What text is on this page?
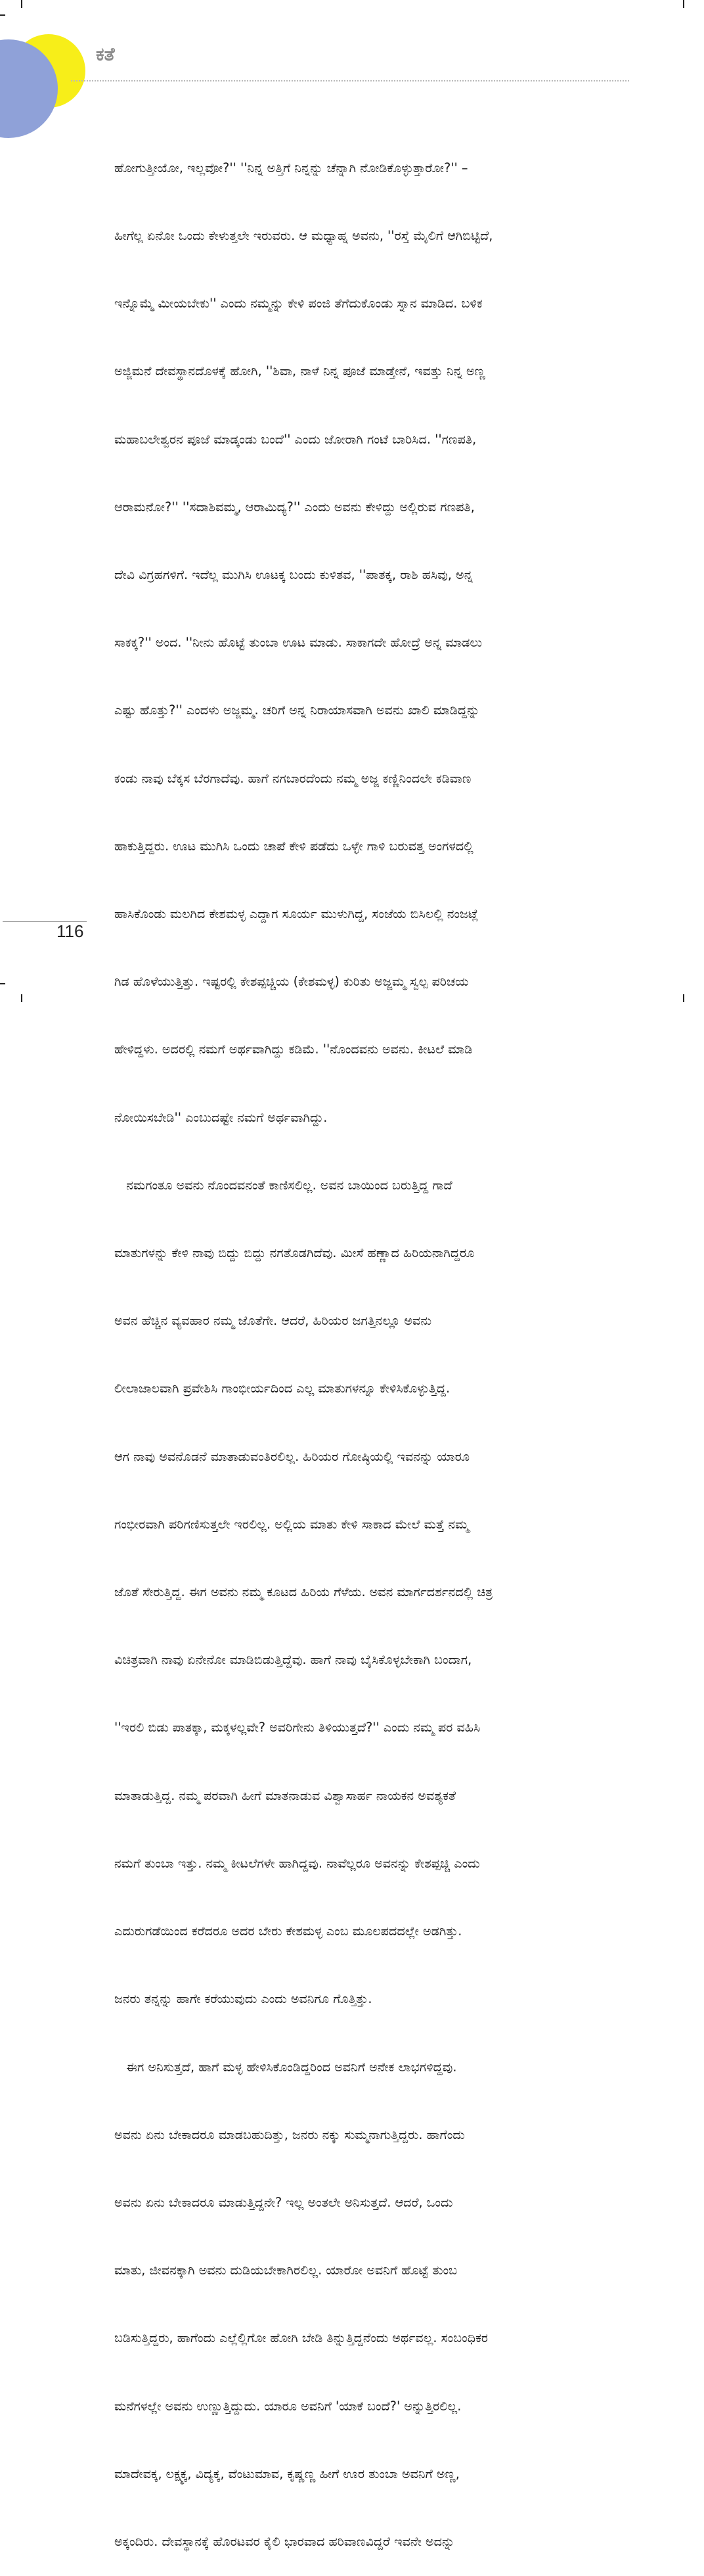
ಕತೆ

ಹೋಗುತ್ತೀಯೋ, ಇಲ್ಲವೋ?'' ''ನಿನ್ನ ಅತ್ತಿಗೆ ನಿನ್ನನ್ನು ಚೆನ್ನಾಗಿ ನೋಡಿಕೊಳ್ಳುತ್ತಾರೋ?'' –

ಹೀಗೆಲ್ಲ ಏನೋ ಒಂದು ಕೇಳುತ್ತಲೇ ಇರುವರು. ಆ ಮಧ್ಯಾಹ್ನ ಅವನು, ''ರಸ್ತೆ ಮೈಲಿಗೆ ಆಗಿಬಿಟ್ಟಿದೆ,

ಇನ್ನೊಮ್ಮೆ ಮೀಯಬೇಕು'' ಎಂದು ನಮ್ಮನ್ನು ಕೇಳಿ ಪಂಜಿ ತೆಗೆದುಕೊಂಡು ಸ್ನಾನ ಮಾಡಿದ. ಬಳಿಕ

ಅಜ್ಜಿಮನೆ ದೇವಸ್ಥಾನದೊಳಕ್ಕೆ ಹೋಗಿ, ''ಶಿವಾ, ನಾಳೆ ನಿನ್ನ ಪೂಜೆ ಮಾಡ್ತೇನೆ, ಇವತ್ತು ನಿನ್ನ ಅಣ್ಣ

ಮಹಾಬಲೇಶ್ವರನ ಪೂಜೆ ಮಾಡ್ಕಂಡು ಬಂದೆ'' ಎಂದು ಜೋರಾಗಿ ಗಂಟೆ ಬಾರಿಸಿದ. ''ಗಣಪತಿ,

ಆರಾಮನೋ?'' ''ಸದಾಶಿವಮ್ಮ, ಆರಾಮಿದ್ಯ?'' ಎಂದು ಅವನು ಕೇಳಿದ್ದು ಅಲ್ಲಿರುವ ಗಣಪತಿ,

ದೇವಿ ವಿಗ್ರಹಗಳಿಗೆ. ಇದೆಲ್ಲ ಮುಗಿಸಿ ಊಟಕ್ಕ ಬಂದು ಕುಳಿತವ, ''ಪಾತಕ್ಕ, ರಾಶಿ ಹಸಿವು, ಅನ್ನ

ಸಾಕಕ್ಕ?'' ಅಂದ. ''ನೀನು ಹೊಟ್ಟೆ ತುಂಬಾ ಊಟ ಮಾಡು. ಸಾಕಾಗದೇ ಹೋದ್ರೆ ಅನ್ನ ಮಾಡಲು

ಎಷ್ಟು ಹೊತ್ತು?'' ಎಂದಳು ಅಜ್ಜಮ್ಮ. ಚರಿಗೆ ಅನ್ನ ನಿರಾಯಾಸವಾಗಿ ಅವನು ಖಾಲಿ ಮಾಡಿದ್ದನ್ನು

ಕಂಡು ನಾವು ಬೆಕ್ಕಸ ಬೆರಗಾದೆವು. ಹಾಗೆ ನಗಬಾರದೆಂದು ನಮ್ಮ ಅಜ್ಜ ಕಣ್ಣಿನಿಂದಲೇ ಕಡಿವಾಣ

ಹಾಕುತ್ತಿದ್ದರು. ಊಟ ಮುಗಿಸಿ ಒಂದು ಚಾಪೆ ಕೇಳಿ ಪಡೆದು ಒಳ್ಳೇ ಗಾಳಿ ಬರುವತ್ತ ಅಂಗಳದಲ್ಲಿ

ಹಾಸಿಕೊಂಡು ಮಲಗಿದ ಕೇಶಮಳ್ಳ ಎದ್ದಾಗ ಸೂರ್ಯ ಮುಳುಗಿದ್ದ, ಸಂಜೆಯ ಬಿಸಿಲಲ್ಲಿ ನಂಜಟ್ಲೆ

ಗಿಡ ಹೊಳೆಯುತ್ತಿತ್ತು. ಇಷ್ಟರಲ್ಲಿ ಕೇಶಪ್ಪಚ್ಚಿಯ (ಕೇಶಮಳ್ಳ) ಕುರಿತು ಅಜ್ಜಮ್ಮ ಸ್ವಲ್ಪ ಪರಿಚಯ

ಹೇಳಿದ್ದಳು. ಅದರಲ್ಲಿ ನಮಗೆ ಅರ್ಥವಾಗಿದ್ದು ಕಡಿಮೆ. ''ನೊಂದವನು ಅವನು. ಕೀಟಲೆ ಮಾಡಿ

ನೋಯಿಸಬೇಡಿ'' ಎಂಬುದಷ್ಟೇ ನಮಗೆ ಅರ್ಥವಾಗಿದ್ದು.

ನಮಗಂತೂ ಅವನು ನೊಂದವನಂತೆ ಕಾಣಿಸಲಿಲ್ಲ. ಅವನ ಬಾಯಿಂದ ಬರುತ್ತಿದ್ದ ಗಾದೆ

ಮಾತುಗಳನ್ನು ಕೇಳಿ ನಾವು ಬಿದ್ದು ಬಿದ್ದು ನಗತೊಡಗಿದೆವು. ಮೀಸೆ ಹಣ್ಣಾದ ಹಿರಿಯನಾಗಿದ್ದರೂ

ಅವನ ಹೆಚ್ಚಿನ ವ್ಯವಹಾರ ನಮ್ಮ ಜೊತೆಗೇ. ಆದರೆ, ಹಿರಿಯರ ಜಗತ್ತಿನಲ್ಲೂ ಅವನು

ಲೀಲಾಜಾಲವಾಗಿ ಪ್ರವೇಶಿಸಿ ಗಾಂಭೀರ್ಯದಿಂದ ಎಲ್ಲ ಮಾತುಗಳನ್ನೂ ಕೇಳಿಸಿಕೊಳ್ಳುತ್ತಿದ್ದ.

ಆಗ ನಾವು ಅವನೊಡನೆ ಮಾತಾಡುವಂತಿರಲಿಲ್ಲ. ಹಿರಿಯರ ಗೋಷ್ಠಿಯಲ್ಲಿ ಇವನನ್ನು ಯಾರೂ

ಗಂಭೀರವಾಗಿ ಪರಿಗಣಿಸುತ್ತಲೇ ಇರಲಿಲ್ಲ. ಅಲ್ಲಿಯ ಮಾತು ಕೇಳಿ ಸಾಕಾದ ಮೇಲೆ ಮತ್ತೆ ನಮ್ಮ

ಜೊತೆ ಸೇರುತ್ತಿದ್ದ. ಈಗ ಅವನು ನಮ್ಮ ಕೂಟದ ಹಿರಿಯ ಗೆಳೆಯ. ಅವನ ಮಾರ್ಗದರ್ಶನದಲ್ಲಿ ಚಿತ್ರ

ವಿಚಿತ್ರವಾಗಿ ನಾವು ಏನೇನೋ ಮಾಡಿಬಿಡುತ್ತಿದ್ದೆವು. ಹಾಗೆ ನಾವು ಬೈಸಿಕೊಳ್ಳಬೇಕಾಗಿ ಬಂದಾಗ,

''ಇರಲಿ ಬಿಡು ಪಾತಕ್ಕಾ, ಮಕ್ಕಳಲ್ಲವೇ? ಅವರಿಗೇನು ತಿಳಿಯುತ್ತದೆ?'' ಎಂದು ನಮ್ಮ ಪರ ವಹಿಸಿ

ಮಾತಾಡುತ್ತಿದ್ದ. ನಮ್ಮ ಪರವಾಗಿ ಹೀಗೆ ಮಾತನಾಡುವ ವಿಶ್ವಾಸಾರ್ಹ ನಾಯಕನ ಅವಶ್ಯಕತೆ

ನಮಗೆ ತುಂಬಾ ಇತ್ತು. ನಮ್ಮ ಕೀಟಲೆಗಳೇ ಹಾಗಿದ್ದವು. ನಾವೆಲ್ಲರೂ ಅವನನ್ನು ಕೇಶಪ್ಪಚ್ಚಿ ಎಂದು

ಎದುರುಗಡೆಯಿಂದ ಕರೆದರೂ ಅದರ ಬೇರು ಕೇಶಮಳ್ಳ ಎಂಬ ಮೂಲಪದದಲ್ಲೇ ಅಡಗಿತ್ತು.

ಜನರು ತನ್ನನ್ನು ಹಾಗೇ ಕರೆಯುವುದು ಎಂದು ಅವನಿಗೂ ಗೊತ್ತಿತ್ತು.

ಈಗ ಅನಿಸುತ್ತದೆ, ಹಾಗೆ ಮಳ್ಳ ಹೇಳಿಸಿಕೊಂಡಿದ್ದರಿಂದ ಅವನಿಗೆ ಅನೇಕ ಲಾಭಗಳಿದ್ದವು.

ಅವನು ಏನು ಬೇಕಾದರೂ ಮಾಡಬಹುದಿತ್ತು, ಜನರು ನಕ್ಕು ಸುಮ್ಮನಾಗುತ್ತಿದ್ದರು. ಹಾಗೆಂದು

ಅವನು ಏನು ಬೇಕಾದರೂ ಮಾಡುತ್ತಿದ್ದನೇ? ಇಲ್ಲ ಅಂತಲೇ ಅನಿಸುತ್ತದೆ. ಆದರೆ, ಒಂದು

ಮಾತು, ಜೀವನಕ್ಕಾಗಿ ಅವನು ದುಡಿಯಬೇಕಾಗಿರಲಿಲ್ಲ. ಯಾರೋ ಅವನಿಗೆ ಹೊಟ್ಟೆ ತುಂಬ

ಬಡಿಸುತ್ತಿದ್ದರು, ಹಾಗೆಂದು ಎಲ್ಲೆಲ್ಲಿಗೋ ಹೋಗಿ ಬೇಡಿ ತಿನ್ನುತ್ತಿದ್ದನೆಂದು ಅರ್ಥವಲ್ಲ. ಸಂಬಂಧಿಕರ

ಮನೆಗಳಲ್ಲೇ ಅವನು ಉಣ್ಣುತ್ತಿದ್ದುದು. ಯಾರೂ ಅವನಿಗೆ 'ಯಾಕೆ ಬಂದೆ?' ಅನ್ನುತ್ತಿರಲಿಲ್ಲ.

ಮಾದೇವಕ್ಕ, ಲಕ್ಷ್ಮಕ್ಕ, ವಿದ್ಯಕ್ಕ, ವೆಂಟುಮಾವ, ಕೃಷ್ಣಣ್ಣ ಹೀಗೆ ಊರ ತುಂಬಾ ಅವನಿಗೆ ಅಣ್ಣ,

ಅಕ್ಕಂದಿರು. ದೇವಸ್ಥಾನಕ್ಕೆ ಹೊರಟವರ ಕೈಲಿ ಭಾರವಾದ ಹರಿವಾಣವಿದ್ದರೆ ಇವನೇ ಅದನ್ನು

116
